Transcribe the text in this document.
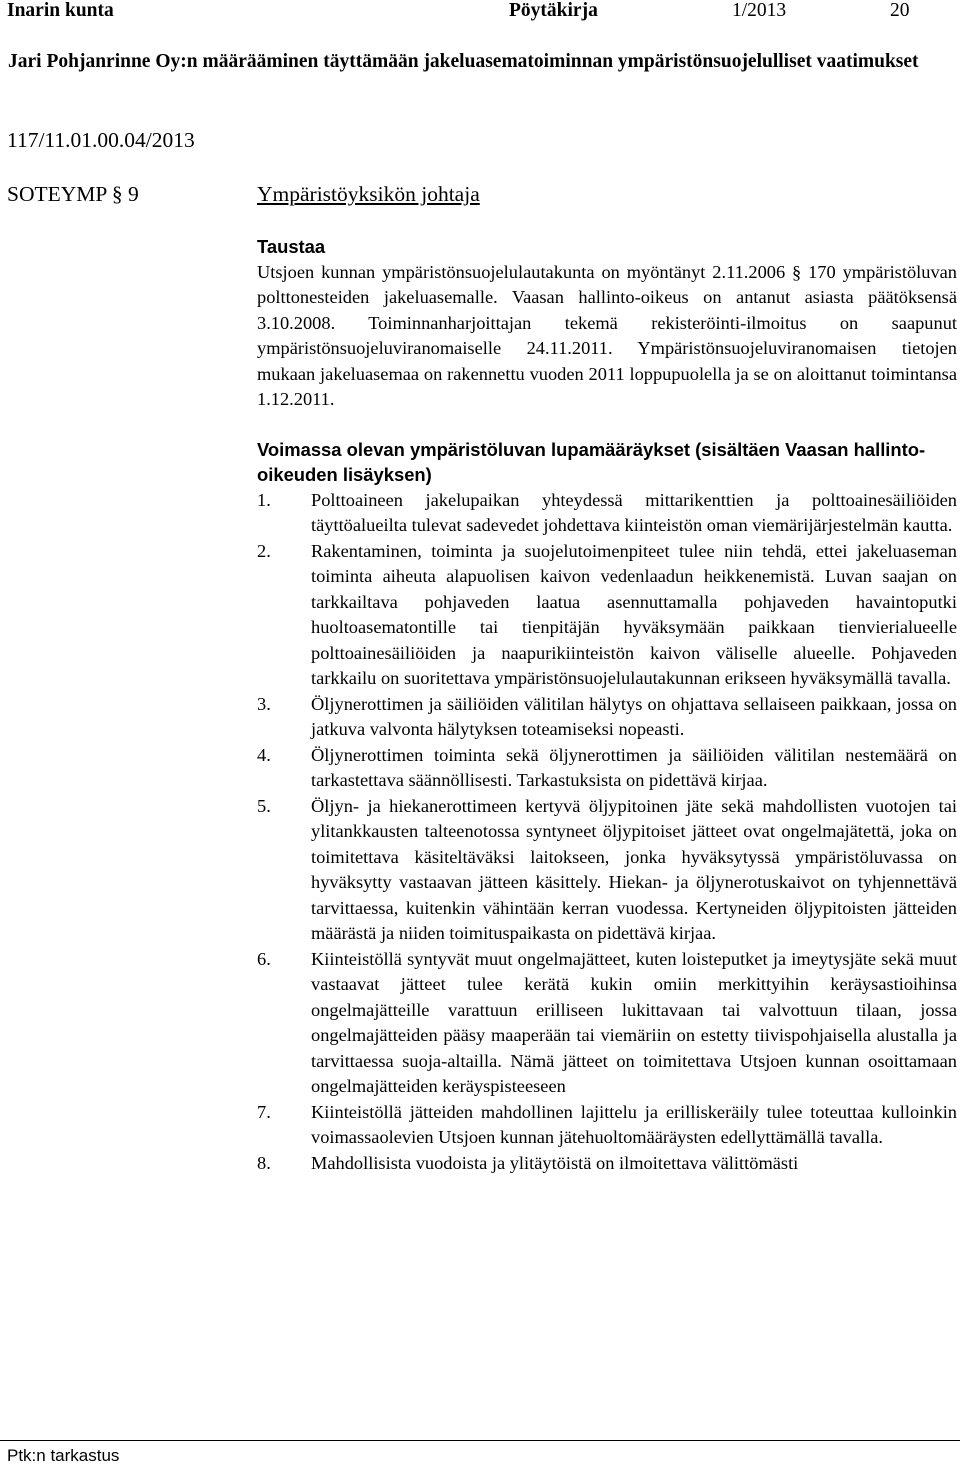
Inarin kunta	Pöytäkirja	1/2013	20
Jari Pohjanrinne Oy:n määrääminen täyttämään jakeluasematoiminnan ympäristönsuojelulliset vaatimukset
117/11.01.00.04/2013
SOTEYMP § 9	Ympäristöyksikön johtaja
Taustaa

Utsjoen kunnan ympäristönsuojelulautakunta on myöntänyt 2.11.2006 § 170 ympäristöluvan polttonesteiden jakeluasemalle. Vaasan hallinto-oikeus on antanut asiasta päätöksensä 3.10.2008. Toiminnanharjoittajan tekemä rekisteröinti-ilmoitus on saapunut ympäristönsuojeluviranomaiselle 24.11.2011. Ympäristönsuojeluviranomaisen tietojen mukaan jakeluasemaa on rakennettu vuoden 2011 loppupuolella ja se on aloittanut toimintansa 1.12.2011.

Voimassa olevan ympäristöluvan lupamääräykset (sisältäen Vaasan hallinto-oikeuden lisäyksen)
1.	Polttoaineen jakelupaikan yhteydessä mittarikenttien ja polttoainesäiliöiden täyttöalueilta tulevat sadevedet johdettava kiinteistön oman viemärijärjestelmän kautta.
2.	Rakentaminen, toiminta ja suojelutoimenpiteet tulee niin tehdä, ettei jakeluaseman toiminta aiheuta alapuolisen kaivon vedenlaadun heikkenemistä. Luvan saajan on tarkkailtava pohjaveden laatua asennuttamalla pohjaveden havaintoputki huoltoasematontille tai tienpitäjän hyväksymään paikkaan tienvierialueelle polttoainesäiliöiden ja naapurikiinteistön kaivon väliselle alueelle. Pohjaveden tarkkailu on suoritettava ympäristönsuojelulautakunnan erikseen hyväksymällä tavalla.
3.	Öljynerottimen ja säiliöiden välitilan hälytys on ohjattava sellaiseen paikkaan, jossa on jatkuva valvonta hälytyksen toteamiseksi nopeasti.
4.	Öljynerottimen toiminta sekä öljynerottimen ja säiliöiden välitilan nestemäärä on tarkastettava säännöllisesti. Tarkastuksista on pidettävä kirjaa.
5.	Öljyn- ja hiekanerottimeen kertyvä öljypitoinen jäte sekä mahdollisten vuotojen tai ylitankkausten talteenotossa syntyneet öljypitoiset jätteet ovat ongelmajätettä, joka on toimitettava käsiteltäväksi laitokseen, jonka hyväksytyssä ympäristöluvassa on hyväksytty vastaavan jätteen käsittely. Hiekan- ja öljynerotuskaivot on tyhjennettävä tarvittaessa, kuitenkin vähintään kerran vuodessa. Kertyneiden öljypitoisten jätteiden määrästä ja niiden toimituspaikasta on pidettävä kirjaa.
6.	Kiinteistöllä syntyvät muut ongelmajätteet, kuten loisteputket ja imeytysjäte sekä muut vastaavat jätteet tulee kerätä kukin omiin merkittyihin keräysastioihinsa ongelmajätteille varattuun erilliseen lukittavaan tai valvottuun tilaan, jossa ongelmajätteiden pääsy maaperään tai viemäriin on estetty tiivispohjaisella alustalla ja tarvittaessa suoja-altailla. Nämä jätteet on toimitettava Utsjoen kunnan osoittamaan ongelmajätteiden keräyspisteeseen
7.	Kiinteistöllä jätteiden mahdollinen lajittelu ja erilliskeräily tulee toteuttaa kulloinkin voimassaolevien Utsjoen kunnan jätehuoltomääräysten edellyttämällä tavalla.
8.	Mahdollisista vuodoista ja ylitäytöistä on ilmoitettava välittömästi
Ptk:n tarkastus
